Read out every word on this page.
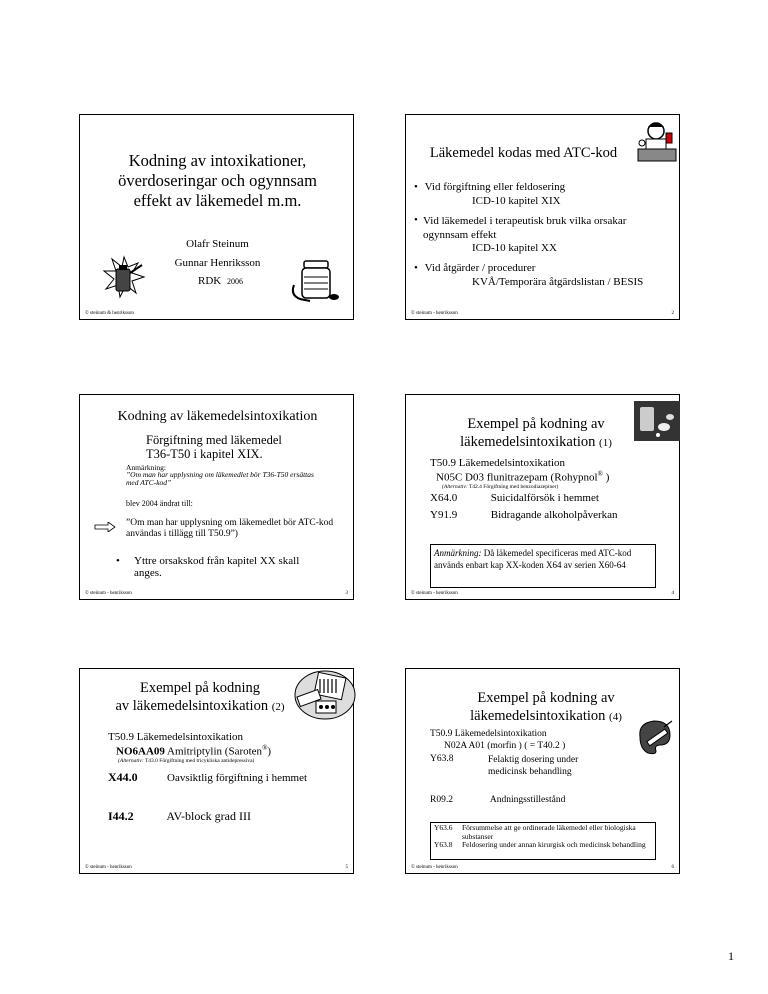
Kodning av intoxikationer, överdoseringar och ogynnsam effekt av läkemedel m.m.
Olafr Steinum
Gunnar Henriksson
RDK 2006
© steinum & henriksson
Läkemedel kodas med ATC-kod
• Vid förgiftning eller feldosering
ICD-10 kapitel XIX
• Vid läkemedel i terapeutisk bruk vilka orsakar ogynnsam effekt
ICD-10 kapitel XX
• Vid åtgärder / procedurer
KVÅ/Temporära åtgärdslistan / BESIS
© steinum - henriksson	2
Kodning av läkemedelsintoxikation
Förgiftning med läkemedel
T36-T50 i kapitel XIX.
Anmärkning:
”Om man har upplysning om läkemedlet bör T36-T50 ersättas med ATC-kod”
blev 2004 ändrat till:
”Om man har upplysning om läkemedlet bör ATC-kod användas i tillägg till T50.9”)
• Yttre orsakskod från kapitel XX skall anges.
© steinum - henriksson	3
Exempel på kodning av
läkemedelsintoxikation (1)
T50.9 Läkemedelsintoxikation
N05C D03 flunitrazepam (Rohypnol® )
(Alternativ: T42.4 Förgiftning med benzodiazepiner)
X64.0	Suicidalförsök i hemmet
Y91.9	Bidragande alkoholpåverkan
Anmärkning: Då läkemedel specificeras med ATC-kod används enbart kap XX-koden X64 av serien X60-64
© steinum - henriksson	4
Exempel på kodning
av läkemedelsintoxikation (2)
T50.9 Läkemedelsintoxikation
NO6AA09 Amitriptylin (Saroten®)
(Alternativ: T43.0 Förgiftning med tricykliska antidepressiva)
X44.0	Oavsiktlig förgiftning i hemmet
I44.2	AV-block grad III
© steinum - henriksson	5
Exempel på kodning av
läkemedelsintoxikation (4)
T50.9 Läkemedelsintoxikation
N02A A01 (morfin ) ( = T40.2 )
Y63.8	Felaktig dosering under medicinsk behandling
R09.2	Andningsstillestånd
Y63.6 Försummelse att ge ordinerade läkemedel eller biologiska substanser
Y63.8 Feldosering under annan kirurgisk och medicinsk behandling
© steinum - henriksson	6
1
